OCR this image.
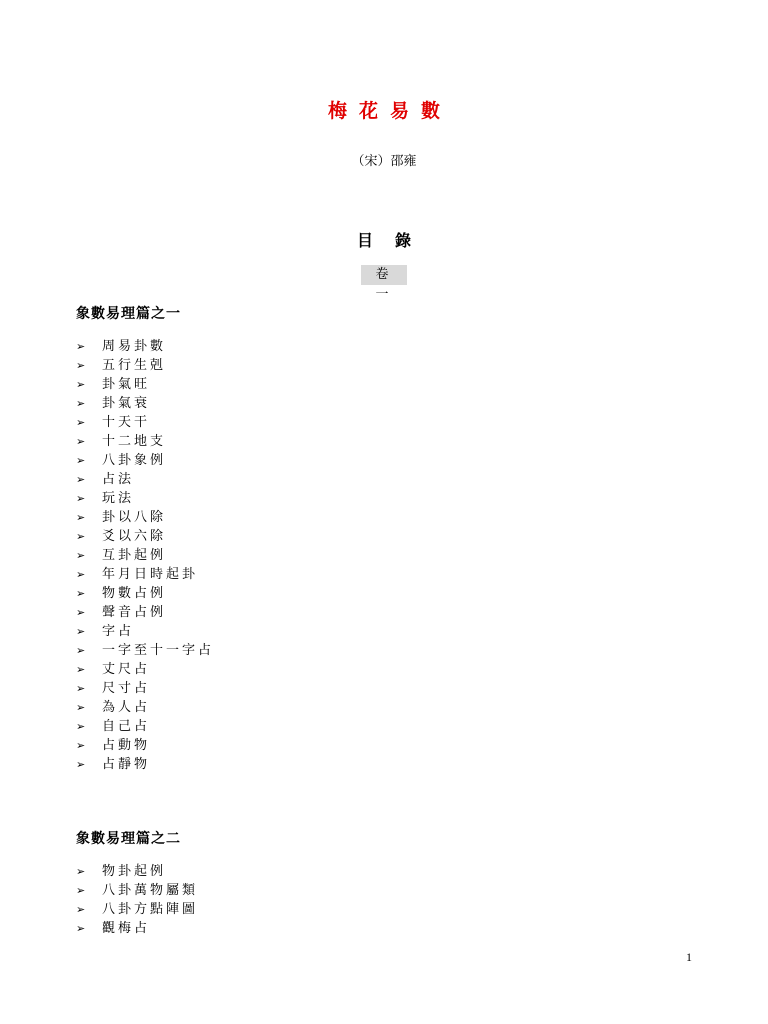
梅花易數
（宋）邵雍
目錄
卷 一
象數易理篇之一
➢	周易卦數
➢	五行生剋
➢	卦氣旺
➢	卦氣衰
➢	十天干
➢	十二地支
➢	八卦象例
➢	占法
➢	玩法
➢	卦以八除
➢	爻以六除
➢	互卦起例
➢	年月日時起卦
➢	物數占例
➢	聲音占例
➢	字占
➢	一字至十一字占
➢	丈尺占
➢	尺寸占
➢	為人占
➢	自己占
➢	占動物
➢	占靜物
象數易理篇之二
➢	物卦起例
➢	八卦萬物屬類
➢	八卦方點陣圖
➢	觀梅占
1
